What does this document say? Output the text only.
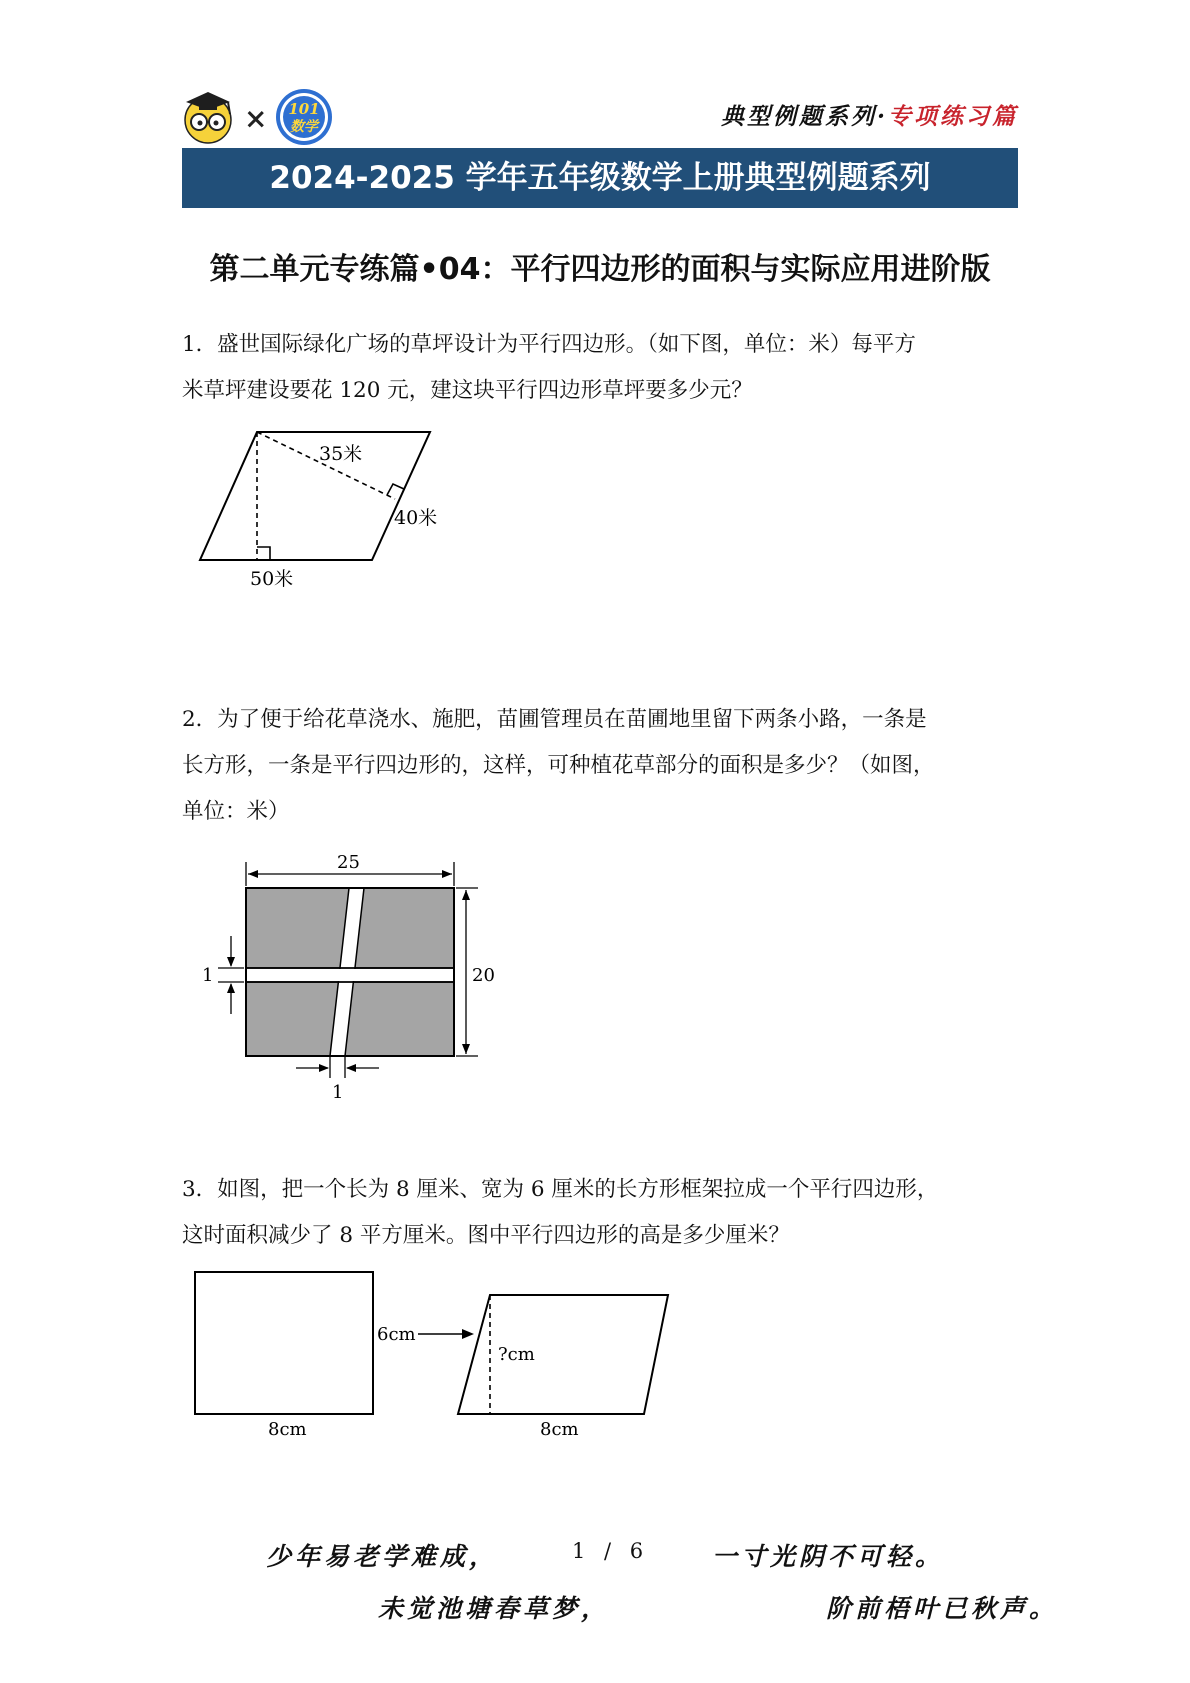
× 101
数学	典型例题系列·专项练习篇
2024-2025 学年五年级数学上册典型例题系列
第二单元专练篇•04：平行四边形的面积与实际应用进阶版

1．盛世国际绿化广场的草坪设计为平行四边形。（如下图，单位：米）每平方

米草坪建设要花 120 元，建这块平行四边形草坪要多少元？

35米
40米
50米

2．为了便于给花草浇水、施肥，苗圃管理员在苗圃地里留下两条小路，一条是

长方形，一条是平行四边形的，这样，可种植花草部分的面积是多少？（如图，

单位：米）

25
20
1
1

3．如图，把一个长为 8 厘米、宽为 6 厘米的长方形框架拉成一个平行四边形，

这时面积减少了 8 平方厘米。图中平行四边形的高是多少厘米？

6cm
8cm
?cm
8cm
少年易老学难成，	1 / 6	一寸光阴不可轻。
未觉池塘春草梦，	阶前梧叶已秋声。
